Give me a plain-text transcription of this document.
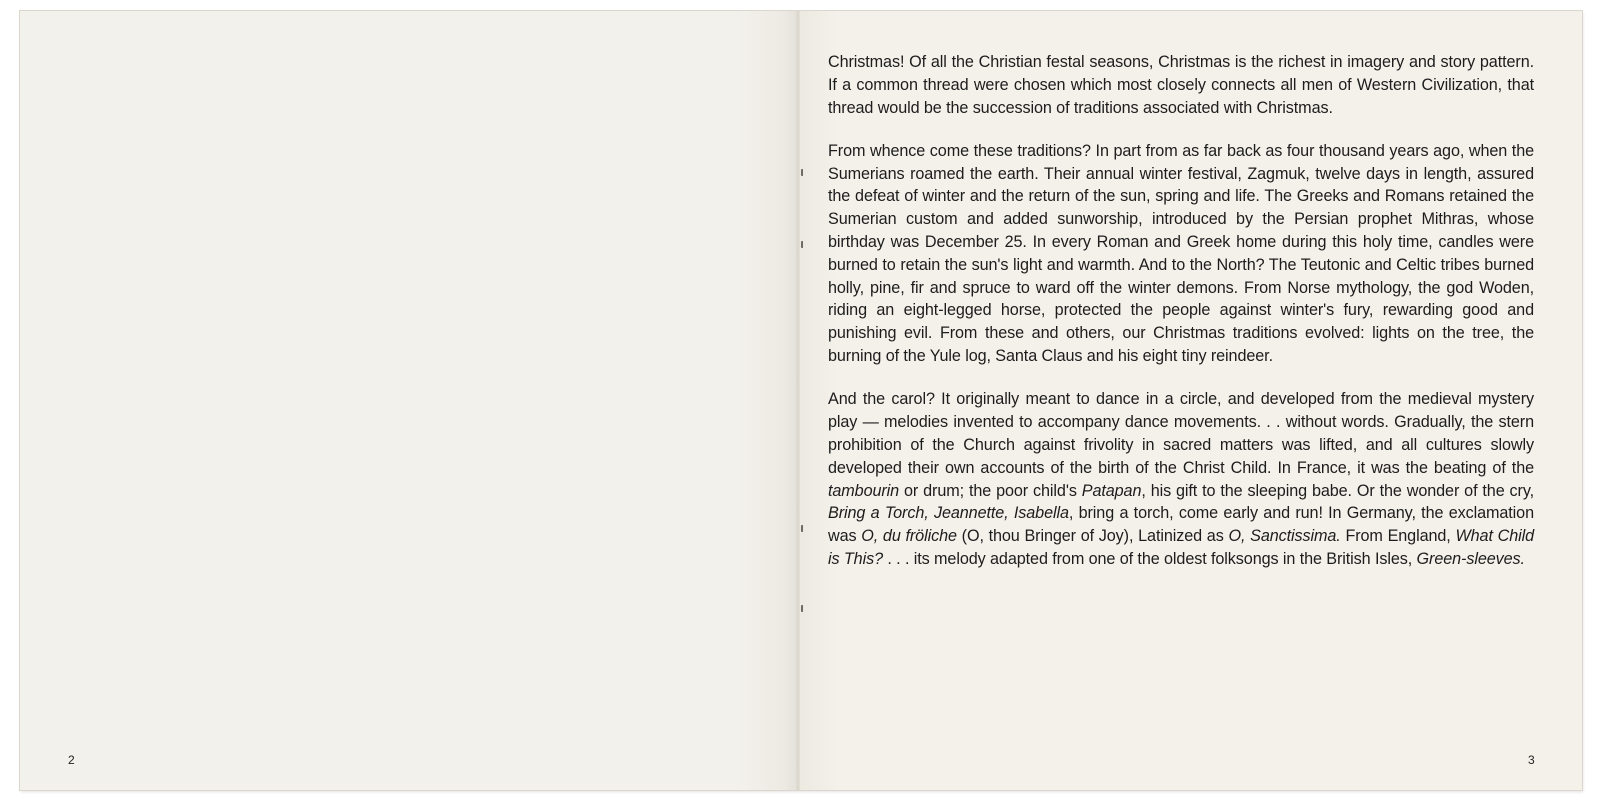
Christmas! Of all the Christian festal seasons, Christmas is the richest in imagery and story pattern. If a common thread were chosen which most closely connects all men of Western Civilization, that thread would be the succession of traditions associated with Christmas.

From whence come these traditions? In part from as far back as four thousand years ago, when the Sumerians roamed the earth. Their annual winter festival, Zagmuk, twelve days in length, assured the defeat of winter and the return of the sun, spring and life. The Greeks and Romans retained the Sumerian custom and added sunworship, introduced by the Persian prophet Mithras, whose birthday was December 25. In every Roman and Greek home during this holy time, candles were burned to retain the sun's light and warmth. And to the North? The Teutonic and Celtic tribes burned holly, pine, fir and spruce to ward off the winter demons. From Norse mythology, the god Woden, riding an eight-legged horse, protected the people against winter's fury, rewarding good and punishing evil. From these and others, our Christmas traditions evolved: lights on the tree, the burning of the Yule log, Santa Claus and his eight tiny reindeer.

And the carol? It originally meant to dance in a circle, and developed from the medieval mystery play — melodies invented to accompany dance movements. . . without words. Gradually, the stern prohibition of the Church against frivolity in sacred matters was lifted, and all cultures slowly developed their own accounts of the birth of the Christ Child. In France, it was the beating of the tambourin or drum; the poor child's Patapan, his gift to the sleeping babe. Or the wonder of the cry, Bring a Torch, Jeannette, Isabella, bring a torch, come early and run! In Germany, the exclamation was O, du fröliche (O, thou Bringer of Joy), Latinized as O, Sanctissima. From England, What Child is This? . . . its melody adapted from one of the oldest folksongs in the British Isles, Green-sleeves.

2	3
